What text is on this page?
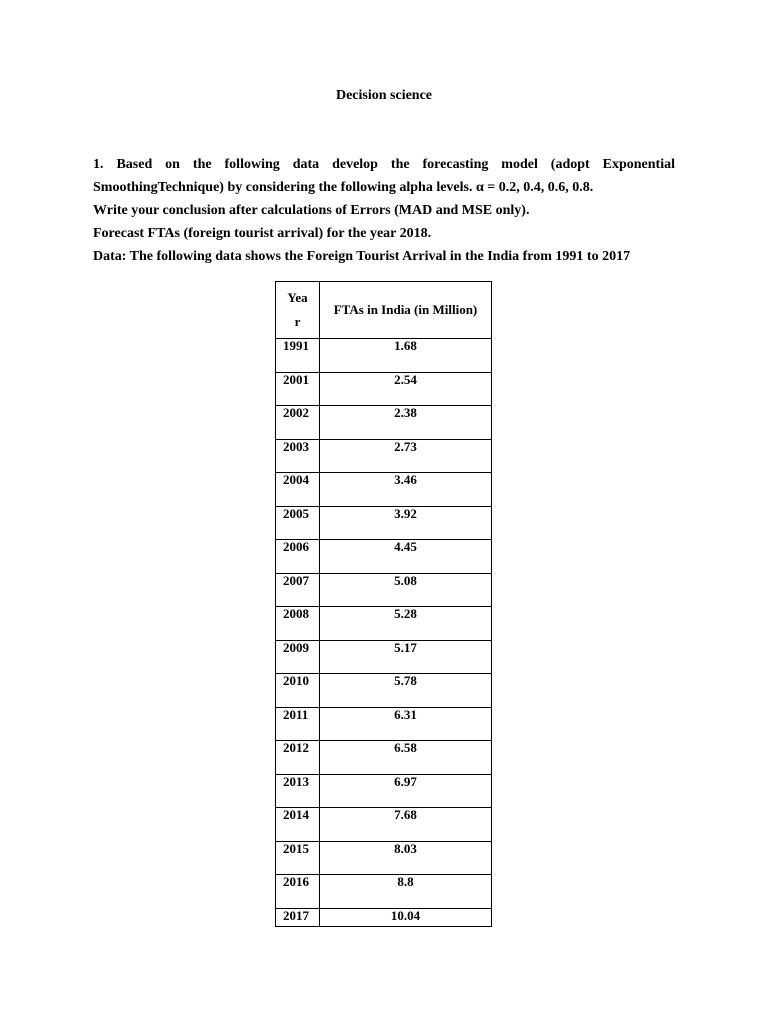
Decision science
1. Based on the following data develop the forecasting model (adopt Exponential
SmoothingTechnique) by considering the following alpha levels. α = 0.2, 0.4, 0.6, 0.8.
Write your conclusion after calculations of Errors (MAD and MSE only).
Forecast FTAs (foreign tourist arrival) for the year 2018.
Data: The following data shows the Foreign Tourist Arrival in the India from 1991 to 2017
Yea
r	FTAs in India (in Million)
1991	1.68
2001	2.54
2002	2.38
2003	2.73
2004	3.46
2005	3.92
2006	4.45
2007	5.08
2008	5.28
2009	5.17
2010	5.78
2011	6.31
2012	6.58
2013	6.97
2014	7.68
2015	8.03
2016	8.8
2017	10.04
